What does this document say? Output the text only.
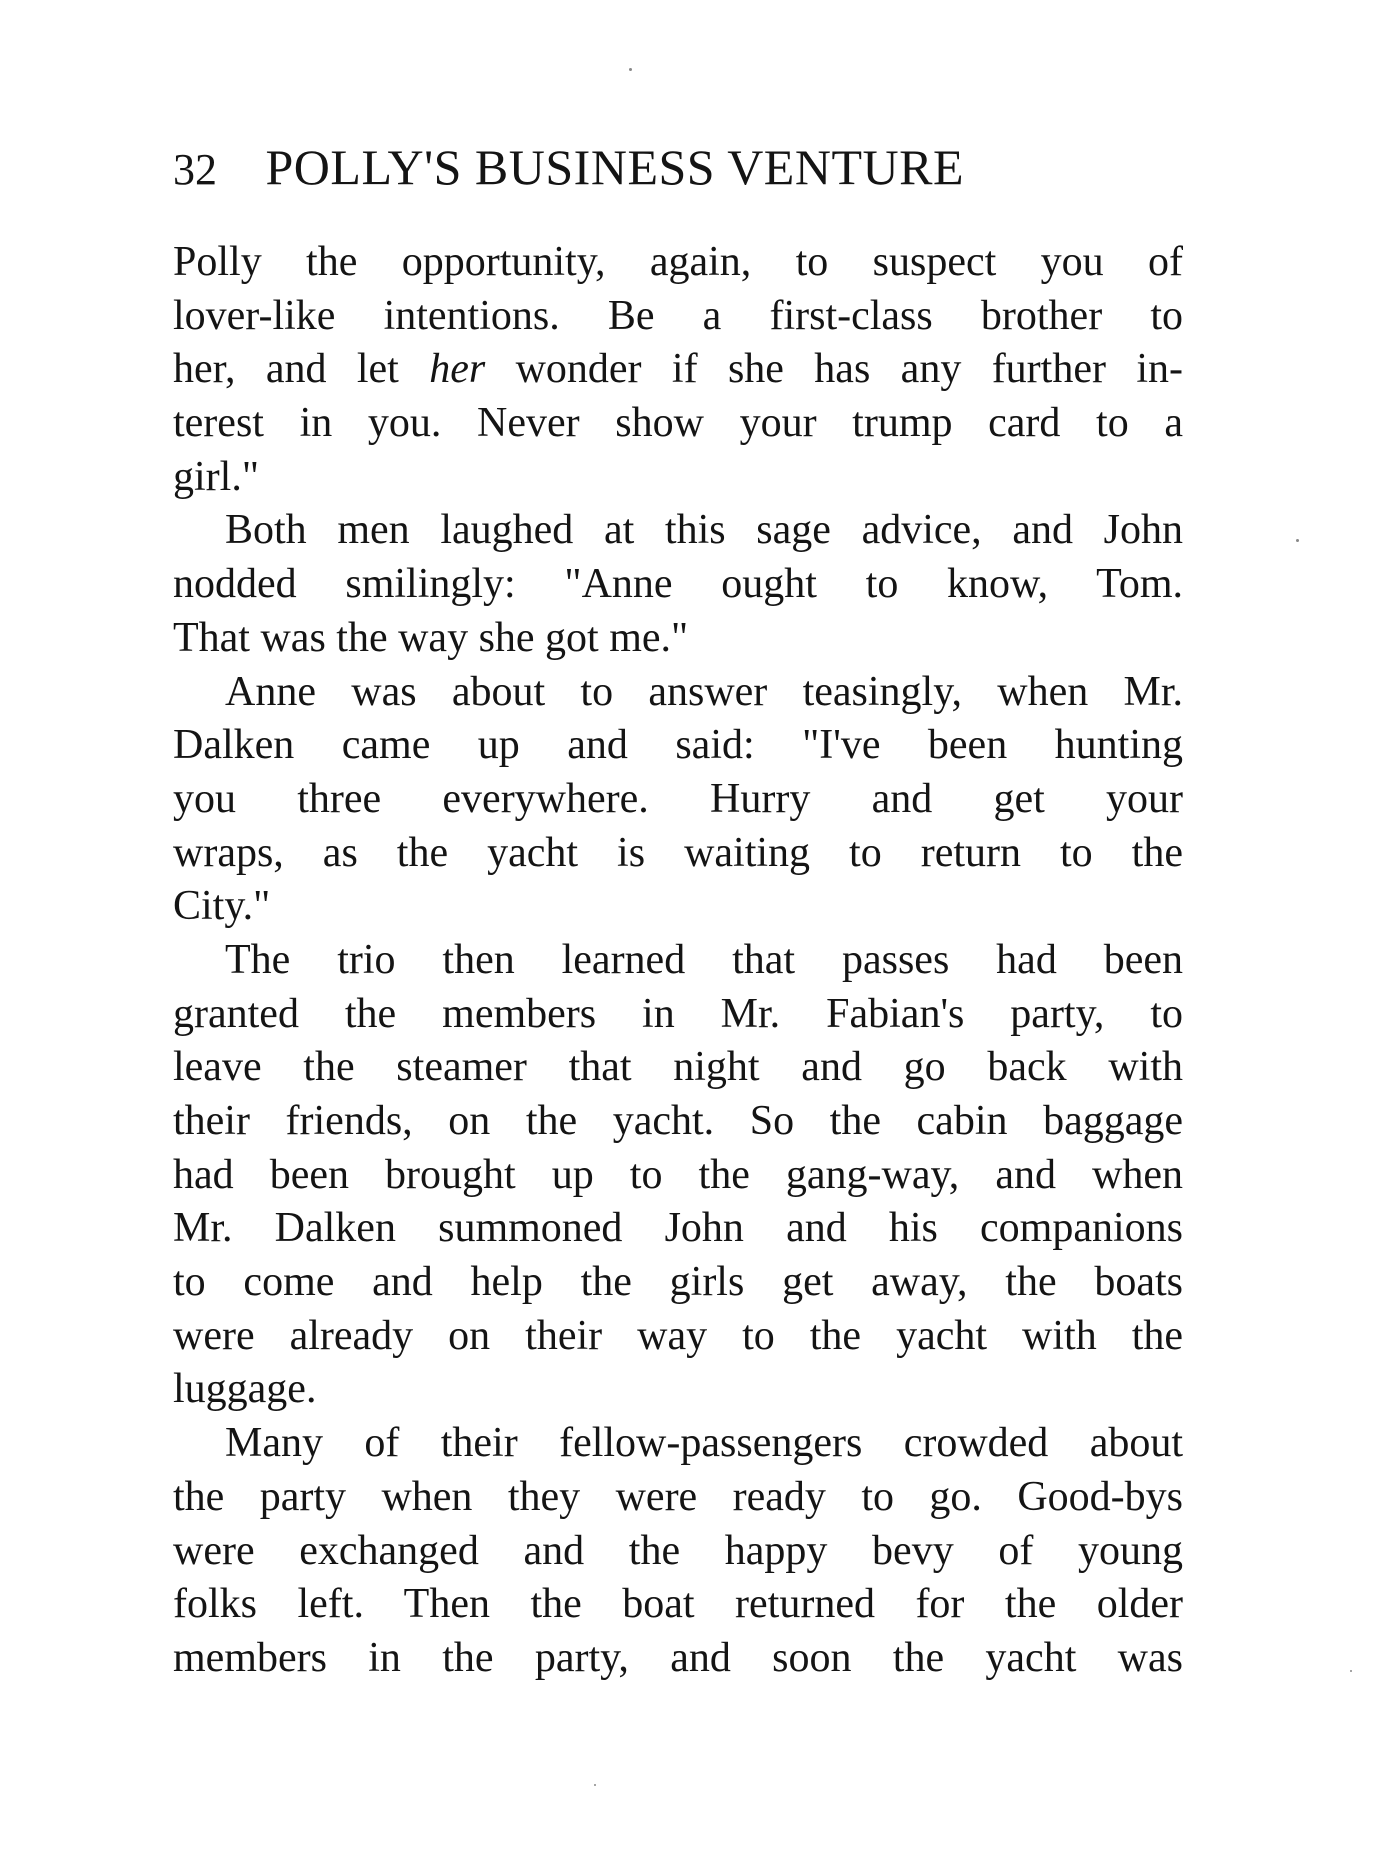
32 POLLY'S BUSINESS VENTURE
Polly the opportunity, again, to suspect you of
lover-like intentions. Be a first-class brother to
her, and let her wonder if she has any further in-
terest in you. Never show your trump card to a
girl."
Both men laughed at this sage advice, and John
nodded smilingly: "Anne ought to know, Tom.
That was the way she got me."
Anne was about to answer teasingly, when Mr.
Dalken came up and said: "I've been hunting
you three everywhere. Hurry and get your
wraps, as the yacht is waiting to return to the
City."
The trio then learned that passes had been
granted the members in Mr. Fabian's party, to
leave the steamer that night and go back with
their friends, on the yacht. So the cabin baggage
had been brought up to the gang-way, and when
Mr. Dalken summoned John and his companions
to come and help the girls get away, the boats
were already on their way to the yacht with the
luggage.
Many of their fellow-passengers crowded about
the party when they were ready to go. Good-bys
were exchanged and the happy bevy of young
folks left. Then the boat returned for the older
members in the party, and soon the yacht was
